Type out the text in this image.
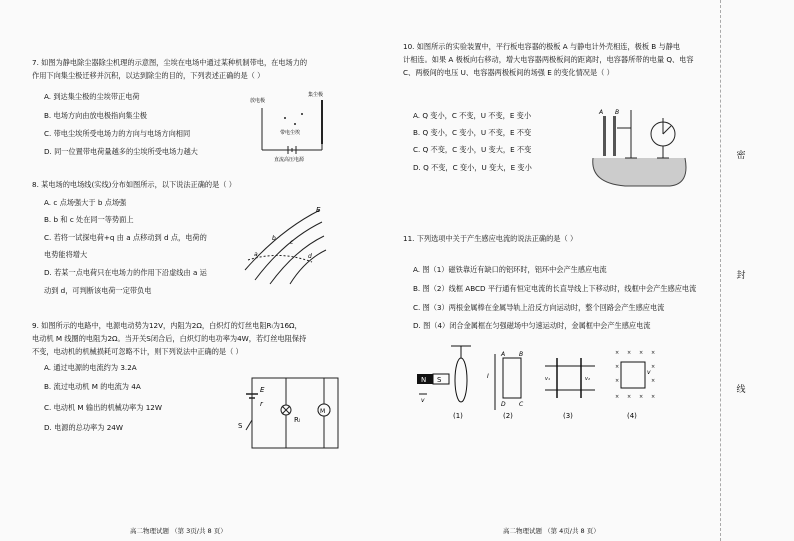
7. 如图为静电除尘器除尘机理的示意图，尘埃在电场中通过某种机制带电，在电场力的

作用下向集尘极迁移并沉积，以达到除尘的目的，下列表述正确的是（ ）

A. 到达集尘极的尘埃带正电荷
B. 电场方向由放电极指向集尘极
C. 带电尘埃所受电场力的方向与电场方向相同
D. 同一位置带电荷量越多的尘埃所受电场力越大
放电极
集尘极
带电尘埃
直流高压电源

8. 某电场的电场线(实线)分布如图所示，以下说法正确的是（ ）

A. c 点场强大于 b 点场强
B. b 和 c 处在同一等势面上
C. 若将一试探电荷+q 由 a 点移动到 d 点，电荷的
电势能将增大
D. 若某一点电荷只在电场力的作用下沿虚线由 a 运
动到 d，可判断该电荷一定带负电
E
a
b
c
d

9. 如图所示的电路中，电源电动势为12V，内阻为2Ω，白炽灯的灯丝电阻Rₗ为16Ω，

电动机 M 线圈的电阻为2Ω。当开关S闭合后，白炽灯的电功率为4W，若灯丝电阻保持

不变，电动机的机械损耗可忽略不计，则下列说法中正确的是（ ）

A. 通过电源的电流约为 3.2A
B. 流过电动机 M 的电流为 4A
C. 电动机 M 输出的机械功率为 12W
D. 电源的总功率为 24W
E
r
S
Rₗ
M
高二物理试题 （第 3页/共 8 页）

10. 如图所示的实验装置中，平行板电容器的极板 A 与静电计外壳相连，极板 B 与静电

计相连。如果 A 极板向右移动，增大电容器两极板间的距离时，电容器所带的电量 Q、电容

C、两极间的电压 U、电容器两极板间的场强 E 的变化情况是（ ）

A. Q 变小，C 不变，U 不变，E 变小
B. Q 变小，C 变小，U 不变，E 不变
C. Q 不变，C 变小，U 变大，E 不变
D. Q 不变，C 变小，U 变大，E 变小
A B

11. 下列选项中关于产生感应电流的说法正确的是（ ）

A. 图（1）磁铁靠近有缺口的铝环时，铝环中会产生感应电流
B. 图（2）线框 ABCD 平行通有恒定电流的长直导线上下移动时，线框中会产生感应电流
C. 图（3）两根金属棒在金属导轨上沿反方向运动时，整个回路会产生感应电流
D. 图（4）闭合金属框在匀强磁场中匀速运动时，金属框中会产生感应电流
N S
v
(1)
I
A B
C
D
(2)
v₁	v₂
(3)
× × × ×
×	×
×	×
× × × ×
v
(4)
高二物理试题 （第 4页/共 8 页）
密
封
线
